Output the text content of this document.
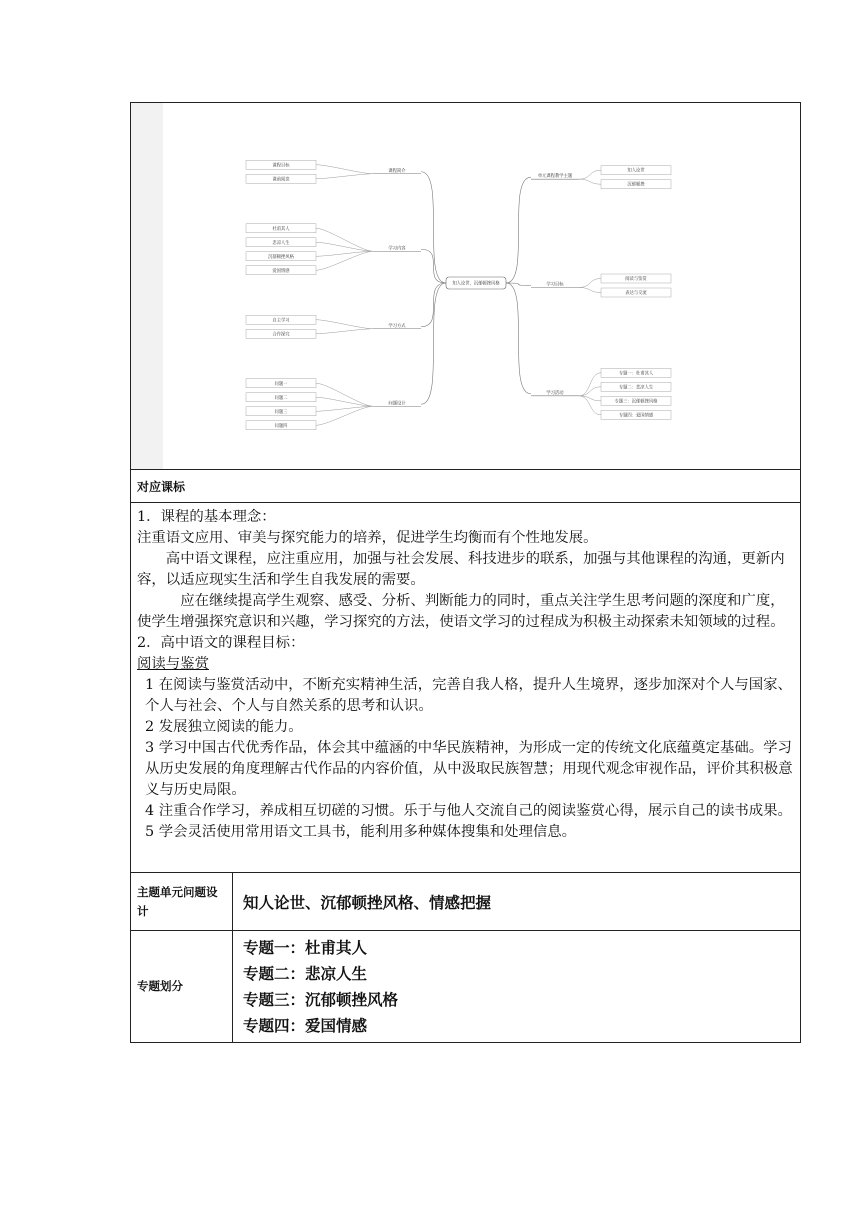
知人论世，沉郁顿挫风格
课程简介
课程目标
课前阅读
学习内容
杜甫其人
悲凉人生
沉郁顿挫风格
爱国情感
学习方式
自主学习
合作探究
问题设计
问题一
问题二
问题三
问题四
单元课程教学主题
知人论世
沉郁顿挫
学习目标
阅读与鉴赏
表达与交流
学习活动
专题一：杜甫其人
专题二：悲凉人生
专题三：沉郁顿挫风格
专题四：爱国情感
对应课标

1．课程的基本理念：

注重语文应用、审美与探究能力的培养，促进学生均衡而有个性地发展。

高中语文课程，应注重应用，加强与社会发展、科技进步的联系，加强与其他课程的沟通，更新内容，以适应现实生活和学生自我发展的需要。

应在继续提高学生观察、感受、分析、判断能力的同时，重点关注学生思考问题的深度和广度，使学生增强探究意识和兴趣，学习探究的方法，使语文学习的过程成为积极主动探索未知领域的过程。

2．高中语文的课程目标：

阅读与鉴赏

1 在阅读与鉴赏活动中，不断充实精神生活，完善自我人格，提升人生境界，逐步加深对个人与国家、个人与社会、个人与自然关系的思考和认识。

2 发展独立阅读的能力。

3 学习中国古代优秀作品，体会其中蕴涵的中华民族精神，为形成一定的传统文化底蕴奠定基础。学习从历史发展的角度理解古代作品的内容价值，从中汲取民族智慧；用现代观念审视作品，评价其积极意义与历史局限。

4 注重合作学习，养成相互切磋的习惯。乐于与他人交流自己的阅读鉴赏心得，展示自己的读书成果。

5 学会灵活使用常用语文工具书，能利用多种媒体搜集和处理信息。

主题单元问题设计	知人论世、沉郁顿挫风格、情感把握
专题划分
专题一：杜甫其人
专题二：悲凉人生
专题三：沉郁顿挫风格
专题四：爱国情感
